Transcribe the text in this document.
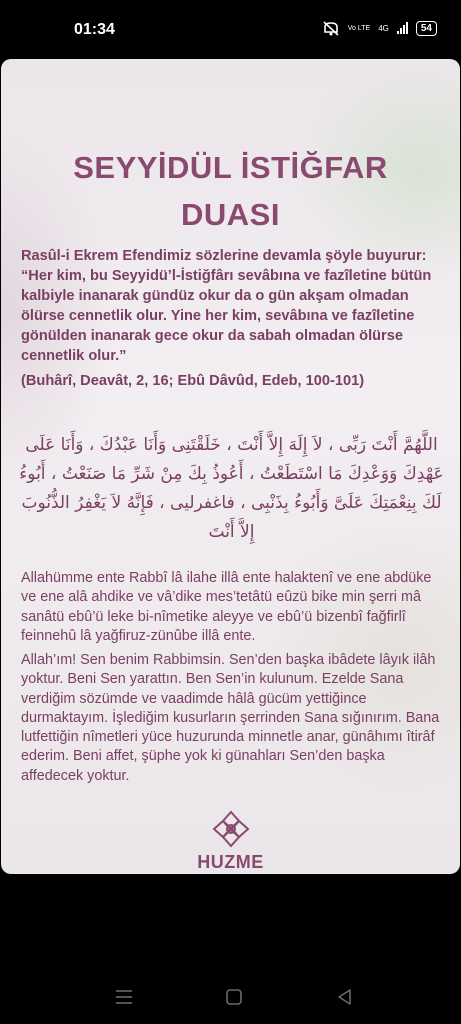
01:34	Vo LTE 4G	54
SEYYİDÜL İSTİĞFAR
DUASI

Rasûl-i Ekrem Efendimiz sözlerine devamla şöyle buyurur:

“Her kim, bu Seyyidü’l-İstiğfârı sevâbına ve fazîletine bütün kalbiyle inanarak gündüz okur da o gün akşam olmadan ölürse cennetlik olur. Yine her kim, sevâbına ve fazîletine gönülden inanarak gece okur da sabah olmadan ölürse cennetlik olur.”

(Buhârî, Deavât, 2, 16; Ebû Dâvûd, Edeb, 100-101)

اللَّهُمَّ أَنْتَ رَبِّى ، لاَ إِلَهَ إِلاَّ أَنْتَ ، خَلَقْتَنِى وَأَنَا عَبْدُكَ ، وَأَنَا عَلَى عَهْدِكَ وَوَعْدِكَ مَا اسْتَطَعْتُ ، أَعُوذُ بِكَ مِنْ شَرِّ مَا صَنَعْتُ ، أَبُوءُ لَكَ بِنِعْمَتِكَ عَلَىَّ وَأَبُوءُ بِذَنْبِى ، فاغفرليى ، فَإِنَّهُ لاَ يَغْفِرُ الذُّنُوبَ إِلاَّ أَنْتَ

Allahümme ente Rabbî lâ ilahe illâ ente halaktenî ve ene abdüke ve ene alâ ahdike ve vâ’dike mes’tetâtü eûzü bike min şerri mâ sanâtü ebû’ü leke bi-nîmetike aleyye ve ebû’ü bizenbî fağfirlî feinnehû lâ yağfiruz-zünûbe illâ ente.

Allah’ım! Sen benim Rabbimsin. Sen’den başka ibâdete lâyık ilâh yoktur. Beni Sen yarattın. Ben Sen’in kulunum. Ezelde Sana verdiğim sözümde ve vaadimde hâlâ gücüm yettiğince durmaktayım. İşlediğim kusurların şerrinden Sana sığınırım. Bana lutfettiğin nîmetleri yüce huzurunda minnetle anar, günâhımı îtirâf ederim. Beni affet, şüphe yok ki günahları Sen’den başka affedecek yoktur.

HUZME
